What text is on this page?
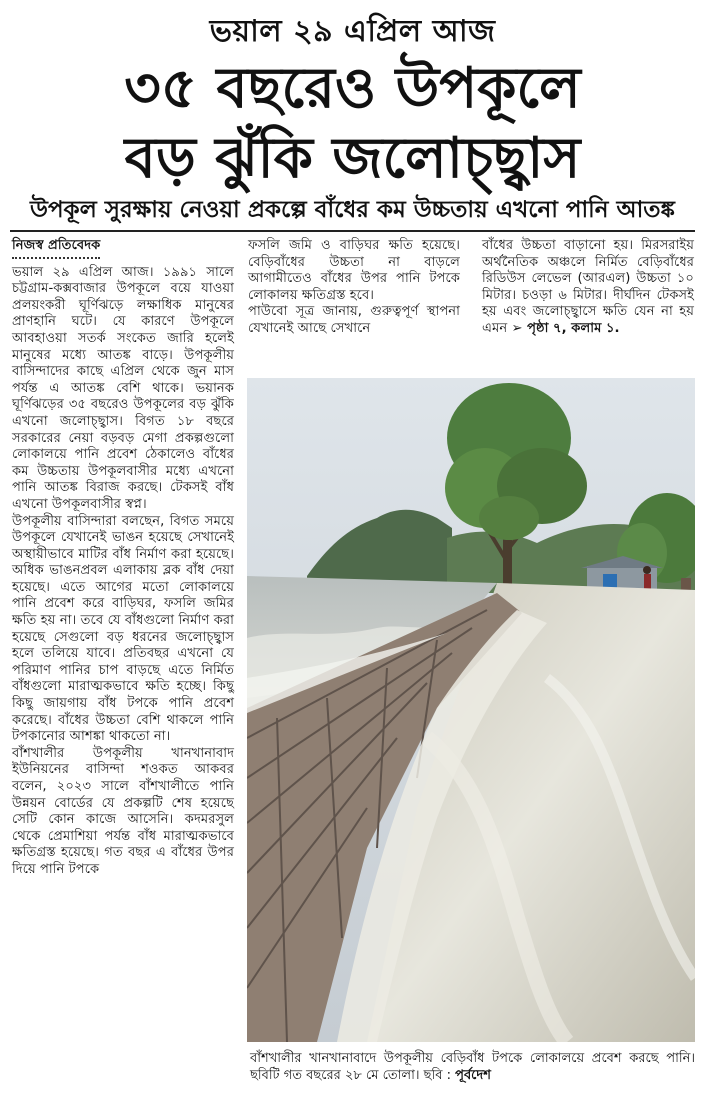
ভয়াল ২৯ এপ্রিল আজ
৩৫ বছরেও উপকূলে
বড় ঝুঁকি জলোচ্ছ্বাস
উপকূল সুরক্ষায় নেওয়া প্রকল্পে বাঁধের কম উচ্চতায় এখনো পানি আতঙ্ক
নিজস্ব প্রতিবেদক

ভয়াল ২৯ এপ্রিল আজ। ১৯৯১ সালে চট্টগ্রাম-কক্সবাজার উপকূলে বয়ে যাওয়া প্রলয়ংকরী ঘূর্ণিঝড়ে লক্ষাধিক মানুষের প্রাণহানি ঘটে। যে কারণে উপকূলে আবহাওয়া সতর্ক সংকেত জারি হলেই মানুষের মধ্যে আতঙ্ক বাড়ে। উপকূলীয় বাসিন্দাদের কাছে এপ্রিল থেকে জুন মাস পর্যন্ত এ আতঙ্ক বেশি থাকে। ভয়ানক ঘূর্ণিঝড়ের ৩৫ বছরেও উপকূলের বড় ঝুঁকি এখনো জলোচ্ছ্বাস। বিগত ১৮ বছরে সরকারের নেয়া বড়বড় মেগা প্রকল্পগুলো লোকালয়ে পানি প্রবেশ ঠেকালেও বাঁধের কম উচ্চতায় উপকূলবাসীর মধ্যে এখনো পানি আতঙ্ক বিরাজ করছে। টেকসই বাঁধ এখনো উপকূলবাসীর স্বপ্ন।

উপকূলীয় বাসিন্দারা বলছেন, বিগত সময়ে উপকূলে যেখানেই ভাঙন হয়েছে সেখানেই অস্থায়ীভাবে মাটির বাঁধ নির্মাণ করা হয়েছে। অধিক ভাঙনপ্রবল এলাকায় ব্লক বাঁধ দেয়া হয়েছে। এতে আগের মতো লোকালয়ে পানি প্রবেশ করে বাড়িঘর, ফসলি জমির ক্ষতি হয় না। তবে যে বাঁধগুলো নির্মাণ করা হয়েছে সেগুলো বড় ধরনের জলোচ্ছ্বাস হলে তলিয়ে যাবে। প্রতিবছর এখনো যে পরিমাণ পানির চাপ বাড়ছে এতে নির্মিত বাঁধগুলো মারাত্মকভাবে ক্ষতি হচ্ছে। কিছু কিছু জায়গায় বাঁধ টপকে পানি প্রবেশ করেছে। বাঁধের উচ্চতা বেশি থাকলে পানি টপকানোর আশঙ্কা থাকতো না।

বাঁশখালীর উপকূলীয় খানখানাবাদ ইউনিয়নের বাসিন্দা শওকত আকবর বলেন, ২০২৩ সালে বাঁশখালীতে পানি উন্নয়ন বোর্ডের যে প্রকল্পটি শেষ হয়েছে সেটি কোন কাজে আসেনি। কদমরসুল থেকে প্রেমাশিয়া পর্যন্ত বাঁধ মারাত্মকভাবে ক্ষতিগ্রস্ত হয়েছে। গত বছর এ বাঁধের উপর দিয়ে পানি টপকে

ফসলি জমি ও বাড়িঘর ক্ষতি হয়েছে। বেড়িবাঁধের উচ্চতা না বাড়লে আগামীতেও বাঁধের উপর পানি টপকে লোকালয় ক্ষতিগ্রস্ত হবে।

পাউবো সূত্র জানায়, গুরুত্বপূর্ণ স্থাপনা যেখানেই আছে সেখানে

বাঁধের উচ্চতা বাড়ানো হয়। মিরসরাইয় অর্থনৈতিক অঞ্চলে নির্মিত বেড়িবাঁধের রিডিউস লেভেল (আরএল) উচ্চতা ১০ মিটার। চওড়া ৬ মিটার। দীর্ঘদিন টেকসই হয় এবং জলোচ্ছ্বাসে ক্ষতি যেন না হয় এমন ➢ পৃষ্ঠা ৭, কলাম ১.

বাঁশখালীর খানখানাবাদে উপকূলীয় বেড়িবাঁধ টপকে লোকালয়ে প্রবেশ করছে পানি। ছবিটি গত বছরের ২৮ মে তোলা। ছবি : পূর্বদেশ
